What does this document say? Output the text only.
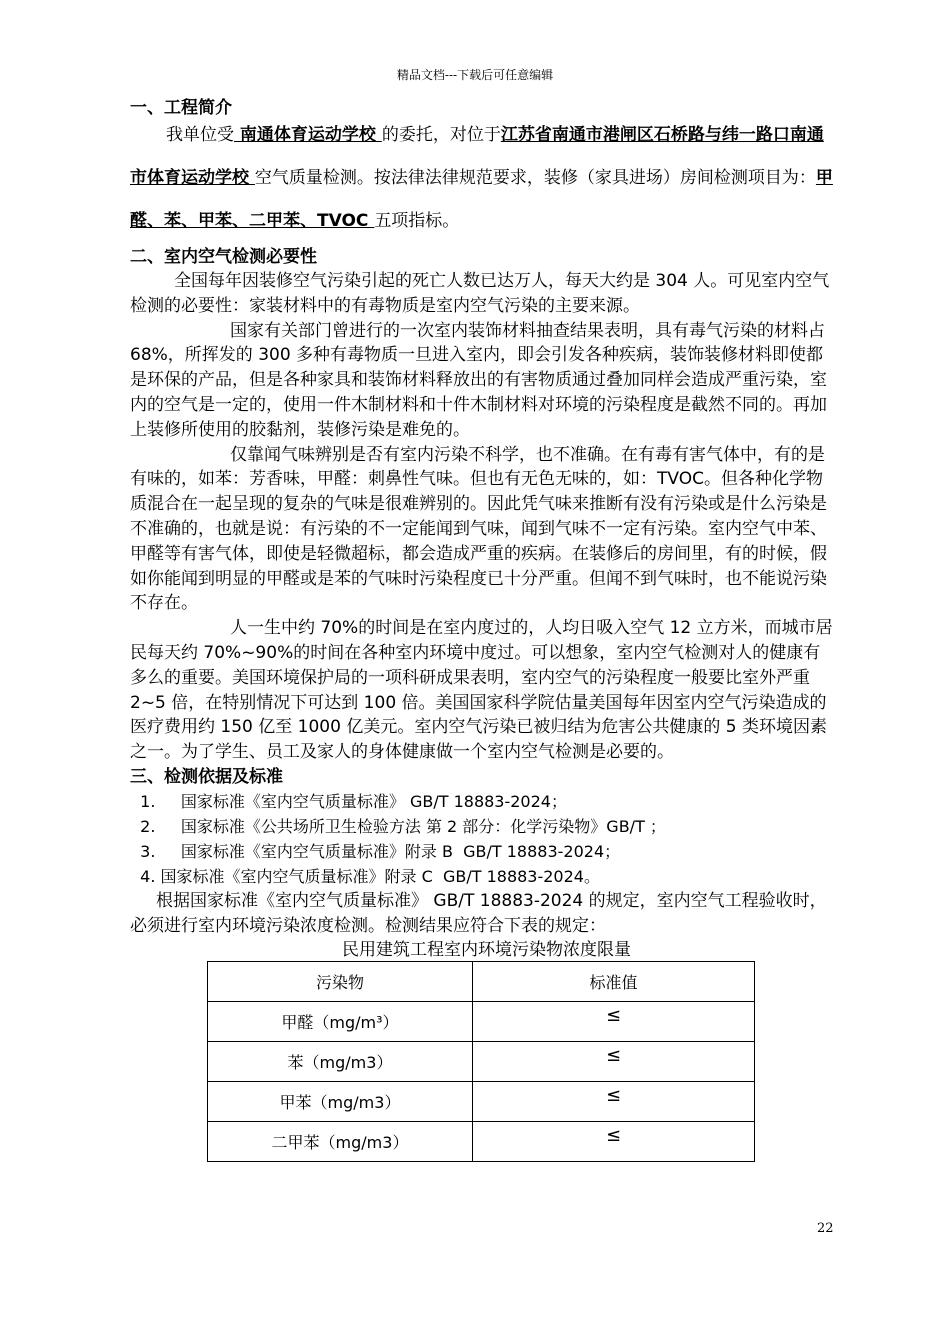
精品文档---下载后可任意编辑
一、工程简介

我单位受 南通体育运动学校 的委托，对位于江苏省南通市港闸区石桥路与纬一路口南通市体育运动学校 空气质量检测。按法律法律规范要求，装修（家具进场）房间检测项目为：甲醛、苯、甲苯、二甲苯、TVOC 五项指标。

二、室内空气检测必要性

全国每年因装修空气污染引起的死亡人数已达万人，每天大约是 304 人。可见室内空气检测的必要性：家装材料中的有毒物质是室内空气污染的主要来源。

国家有关部门曾进行的一次室内装饰材料抽查结果表明，具有毒气污染的材料占 68%，所挥发的 300 多种有毒物质一旦进入室内，即会引发各种疾病，装饰装修材料即使都是环保的产品，但是各种家具和装饰材料释放出的有害物质通过叠加同样会造成严重污染，室内的空气是一定的，使用一件木制材料和十件木制材料对环境的污染程度是截然不同的。再加上装修所使用的胶黏剂，装修污染是难免的。

仅靠闻气味辨别是否有室内污染不科学，也不准确。在有毒有害气体中，有的是有味的，如苯：芳香味，甲醛：刺鼻性气味。但也有无色无味的，如：TVOC。但各种化学物质混合在一起呈现的复杂的气味是很难辨别的。因此凭气味来推断有没有污染或是什么污染是不准确的，也就是说：有污染的不一定能闻到气味，闻到气味不一定有污染。室内空气中苯、甲醛等有害气体，即使是轻微超标，都会造成严重的疾病。在装修后的房间里，有的时候，假如你能闻到明显的甲醛或是苯的气味时污染程度已十分严重。但闻不到气味时，也不能说污染不存在。

人一生中约 70%的时间是在室内度过的，人均日吸入空气 12 立方米，而城市居民每天约 70%~90%的时间在各种室内环境中度过。可以想象，室内空气检测对人的健康有多么的重要。美国环境保护局的一项科研成果表明，室内空气的污染程度一般要比室外严重 2~5 倍，在特别情况下可达到 100 倍。美国国家科学院估量美国每年因室内空气污染造成的医疗费用约 150 亿至 1000 亿美元。室内空气污染已被归结为危害公共健康的 5 类环境因素之一。为了学生、员工及家人的身体健康做一个室内空气检测是必要的。

三、检测依据及标准

1.     国家标准《室内空气质量标准》 GB/T 18883-2024；

2.     国家标准《公共场所卫生检验方法 第 2 部分：化学污染物》GB/T ；

3.     国家标准《室内空气质量标准》附录 B  GB/T 18883-2024；

4. 国家标准《室内空气质量标准》附录 C  GB/T 18883-2024。

根据国家标准《室内空气质量标准》 GB/T 18883-2024 的规定，室内空气工程验收时，必须进行室内环境污染浓度检测。检测结果应符合下表的规定：

民用建筑工程室内环境污染物浓度限量

污染物	标准值
甲醛（mg/m³）	≤
苯（mg/m3）	≤
甲苯（mg/m3）	≤
二甲苯（mg/m3）	≤
22
